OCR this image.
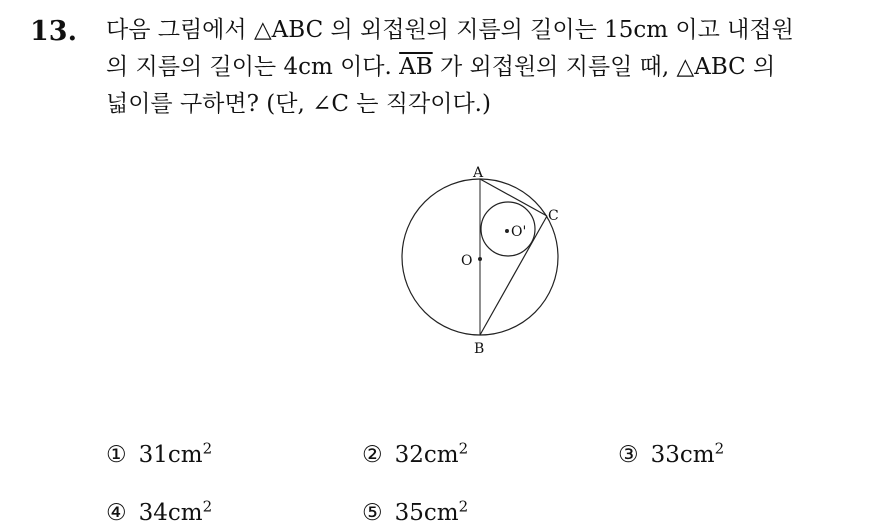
13. 다음 그림에서 △ABC 의 외접원의 지름의 길이는 15cm 이고 내접원
의 지름의 길이는 4cm 이다. $\overline{AB}$ 가 외접원의 지름일 때, △ABC 의
넓이를 구하면? (단, ∠C 는 직각이다.)
A
B
C
O
O'
① $31cm^2$	② $32cm^2$	③ $33cm^2$
④ $34cm^2$	⑤ $35cm^2$
